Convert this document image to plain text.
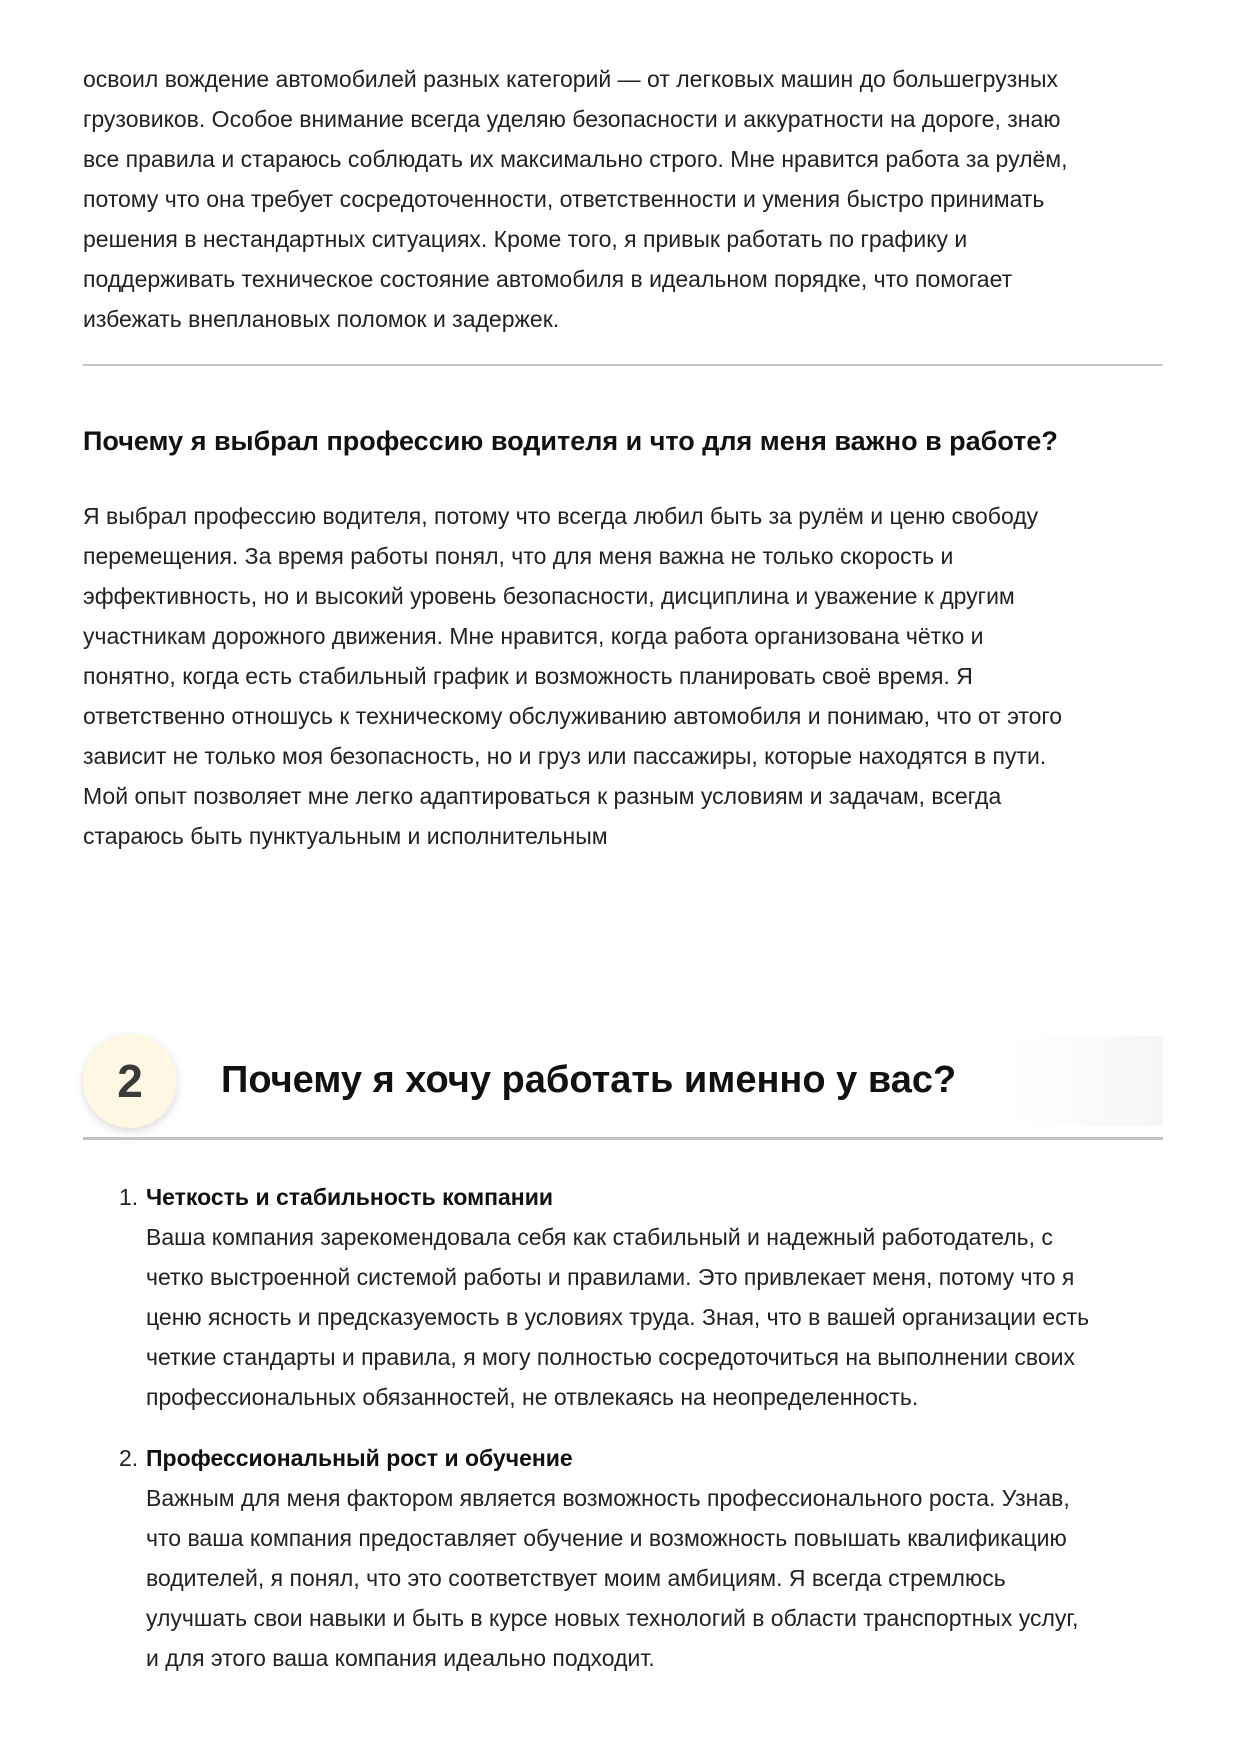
освоил вождение автомобилей разных категорий — от легковых машин до большегрузных

грузовиков. Особое внимание всегда уделяю безопасности и аккуратности на дороге, знаю

все правила и стараюсь соблюдать их максимально строго. Мне нравится работа за рулём,

потому что она требует сосредоточенности, ответственности и умения быстро принимать

решения в нестандартных ситуациях. Кроме того, я привык работать по графику и

поддерживать техническое состояние автомобиля в идеальном порядке, что помогает

избежать внеплановых поломок и задержек.

Почему я выбрал профессию водителя и что для меня важно в работе?

Я выбрал профессию водителя, потому что всегда любил быть за рулём и ценю свободу

перемещения. За время работы понял, что для меня важна не только скорость и

эффективность, но и высокий уровень безопасности, дисциплина и уважение к другим

участникам дорожного движения. Мне нравится, когда работа организована чётко и

понятно, когда есть стабильный график и возможность планировать своё время. Я

ответственно отношусь к техническому обслуживанию автомобиля и понимаю, что от этого

зависит не только моя безопасность, но и груз или пассажиры, которые находятся в пути.

Мой опыт позволяет мне легко адаптироваться к разным условиям и задачам, всегда

стараюсь быть пунктуальным и исполнительным

2	Почему я хочу работать именно у вас?
1. Четкость и стабильность компании

Ваша компания зарекомендовала себя как стабильный и надежный работодатель, с

четко выстроенной системой работы и правилами. Это привлекает меня, потому что я

ценю ясность и предсказуемость в условиях труда. Зная, что в вашей организации есть

четкие стандарты и правила, я могу полностью сосредоточиться на выполнении своих

профессиональных обязанностей, не отвлекаясь на неопределенность.

2. Профессиональный рост и обучение

Важным для меня фактором является возможность профессионального роста. Узнав,

что ваша компания предоставляет обучение и возможность повышать квалификацию

водителей, я понял, что это соответствует моим амбициям. Я всегда стремлюсь

улучшать свои навыки и быть в курсе новых технологий в области транспортных услуг,

и для этого ваша компания идеально подходит.
